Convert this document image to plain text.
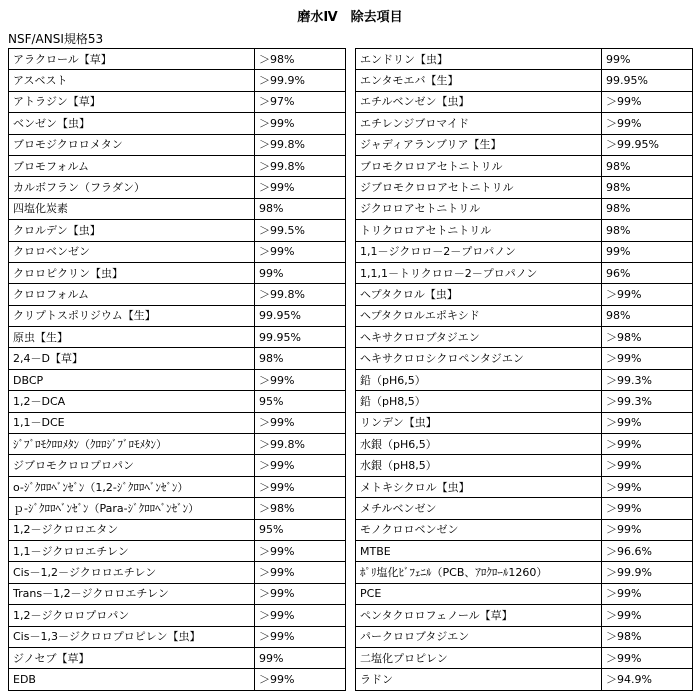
磨水Ⅳ　除去項目
NSF/ANSI規格53
アラクロール【草】	＞98%
アスベスト	＞99.9%
アトラジン【草】	＞97%
ベンゼン【虫】	＞99%
ブロモジクロロメタン	＞99.8%
ブロモフォルム	＞99.8%
カルボフラン（フラダン）	＞99%
四塩化炭素	98%
クロルデン【虫】	＞99.5%
クロロベンゼン	＞99%
クロロピクリン【虫】	99%
クロロフォルム	＞99.8%
クリプトスポリジウム【生】	99.95%
原虫【生】	99.95%
2,4－D【草】	98%
DBCP	＞99%
1,2－DCA	95%
1,1－DCE	＞99%
ｼﾞﾌﾞﾛﾓｸﾛﾛﾒﾀﾝ（ｸﾛﾛｼﾞﾌﾞﾛﾓﾒﾀﾝ）	＞99.8%
ジブロモクロロプロパン	＞99%
o-ｼﾞｸﾛﾛﾍﾞﾝｾﾞﾝ（1,2-ｼﾞｸﾛﾛﾍﾞﾝｾﾞﾝ）	＞99%
ｐ-ｼﾞｸﾛﾛﾍﾞﾝｾﾞﾝ（Para-ｼﾞｸﾛﾛﾍﾞﾝｾﾞﾝ）	＞98%
1,2－ジクロロエタン	95%
1,1－ジクロロエチレン	＞99%
Cis－1,2－ジクロロエチレン	＞99%
Trans－1,2－ジクロロエチレン	＞99%
1,2－ジクロロプロパン	＞99%
Cis－1,3－ジクロロプロピレン【虫】	＞99%
ジノセブ【草】	99%
EDB	＞99%
エンドリン【虫】	99%
エンタモエバ【生】	99.95%
エチルベンゼン【虫】	＞99%
エチレンジブロマイド	＞99%
ジャディアランブリア【生】	＞99.95%
ブロモクロロアセトニトリル	98%
ジブロモクロロアセトニトリル	98%
ジクロロアセトニトリル	98%
トリクロロアセトニトリル	98%
1,1－ジクロロ－2－プロパノン	99%
1,1,1－トリクロロ－2－プロパノン	96%
ヘプタクロル【虫】	＞99%
ヘプタクロルエポキシド	98%
ヘキサクロロブタジエン	＞98%
ヘキサクロロシクロペンタジエン	＞99%
鉛（pH6,5）	＞99.3%
鉛（pH8,5）	＞99.3%
リンデン【虫】	＞99%
水銀（pH6,5）	＞99%
水銀（pH8,5）	＞99%
メトキシクロル【虫】	＞99%
メチルベンゼン	＞99%
モノクロロベンゼン	＞99%
MTBE	＞96.6%
ﾎﾟﾘ塩化ﾋﾞﾌｪﾆﾙ（PCB、ｱﾛｸﾛｰﾙ1260）	＞99.9%
PCE	＞99%
ペンタクロロフェノール【草】	＞99%
パークロロブタジエン	＞98%
二塩化プロピレン	＞99%
ラドン	＞94.9%
